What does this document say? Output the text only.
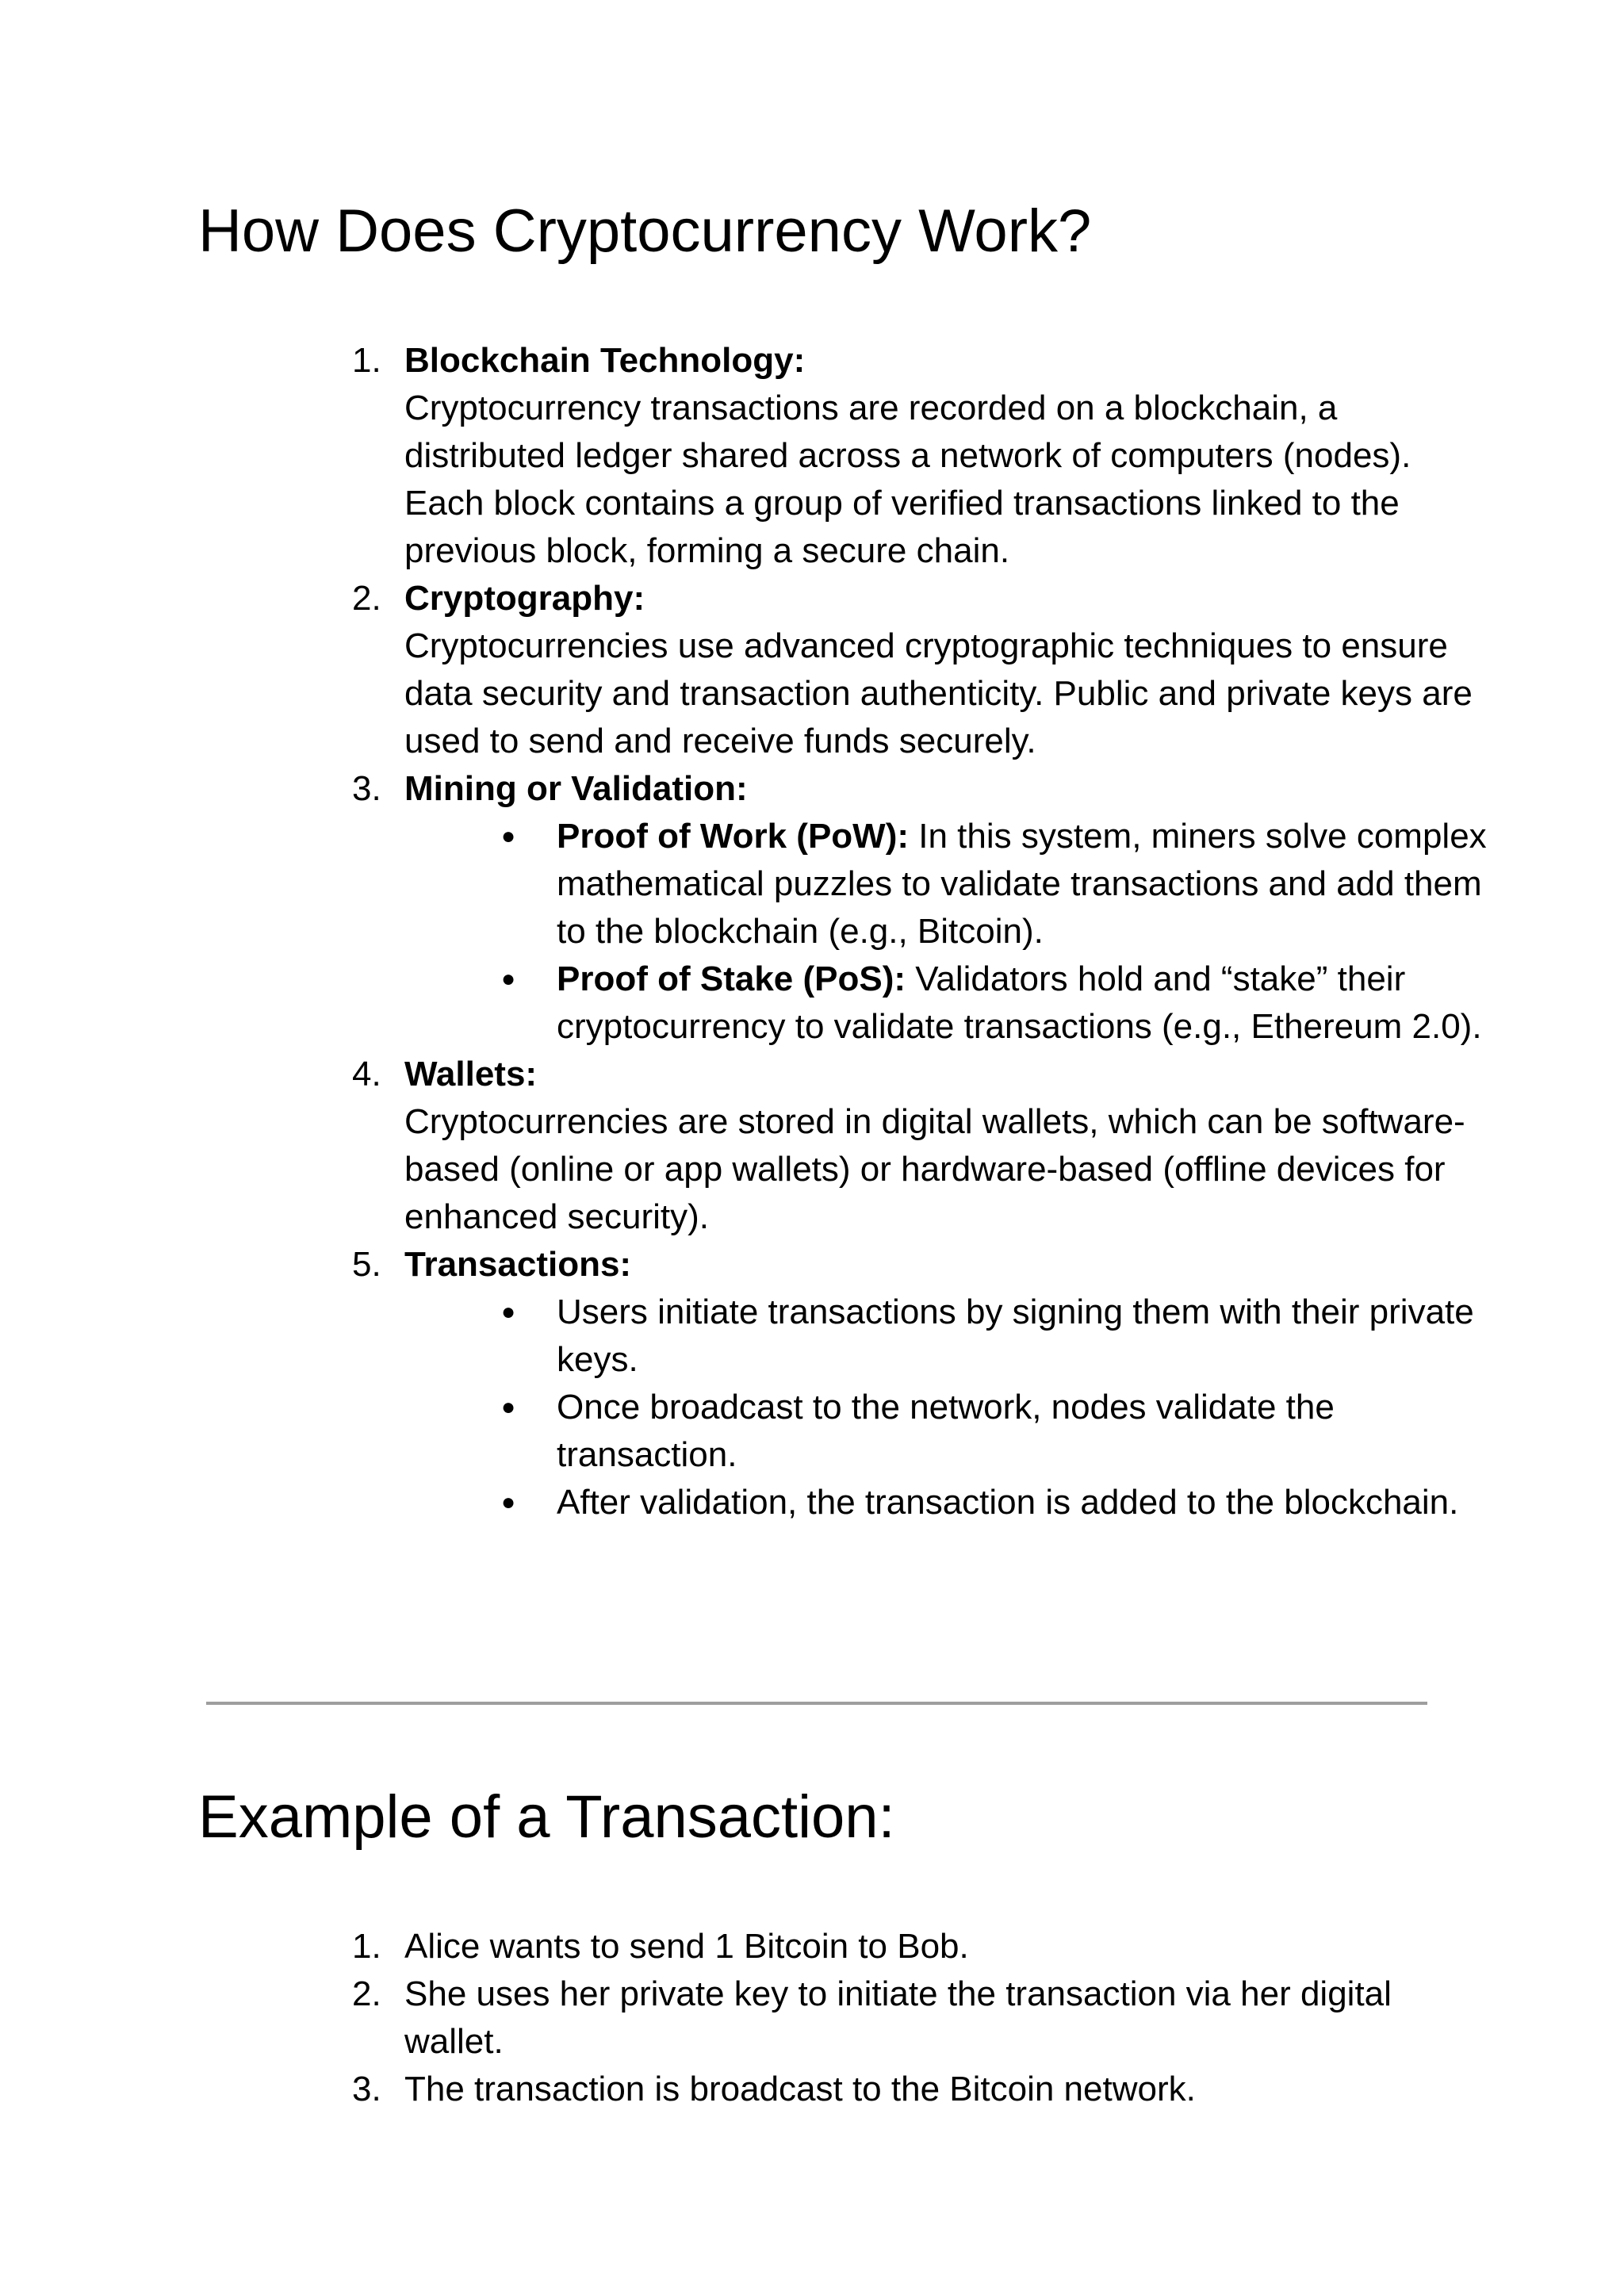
How Does Cryptocurrency Work?
1. Blockchain Technology:
Cryptocurrency transactions are recorded on a blockchain, a distributed ledger shared across a network of computers (nodes). Each block contains a group of verified transactions linked to the previous block, forming a secure chain.
2. Cryptography:
Cryptocurrencies use advanced cryptographic techniques to ensure data security and transaction authenticity. Public and private keys are used to send and receive funds securely.
3. Mining or Validation:
● Proof of Work (PoW): In this system, miners solve complex mathematical puzzles to validate transactions and add them to the blockchain (e.g., Bitcoin).
● Proof of Stake (PoS): Validators hold and “stake” their cryptocurrency to validate transactions (e.g., Ethereum 2.0).
4. Wallets:
Cryptocurrencies are stored in digital wallets, which can be software-based (online or app wallets) or hardware-based (offline devices for enhanced security).
5. Transactions:
● Users initiate transactions by signing them with their private keys.
● Once broadcast to the network, nodes validate the transaction.
● After validation, the transaction is added to the blockchain.
Example of a Transaction:
1. Alice wants to send 1 Bitcoin to Bob.
2. She uses her private key to initiate the transaction via her digital wallet.
3. The transaction is broadcast to the Bitcoin network.
